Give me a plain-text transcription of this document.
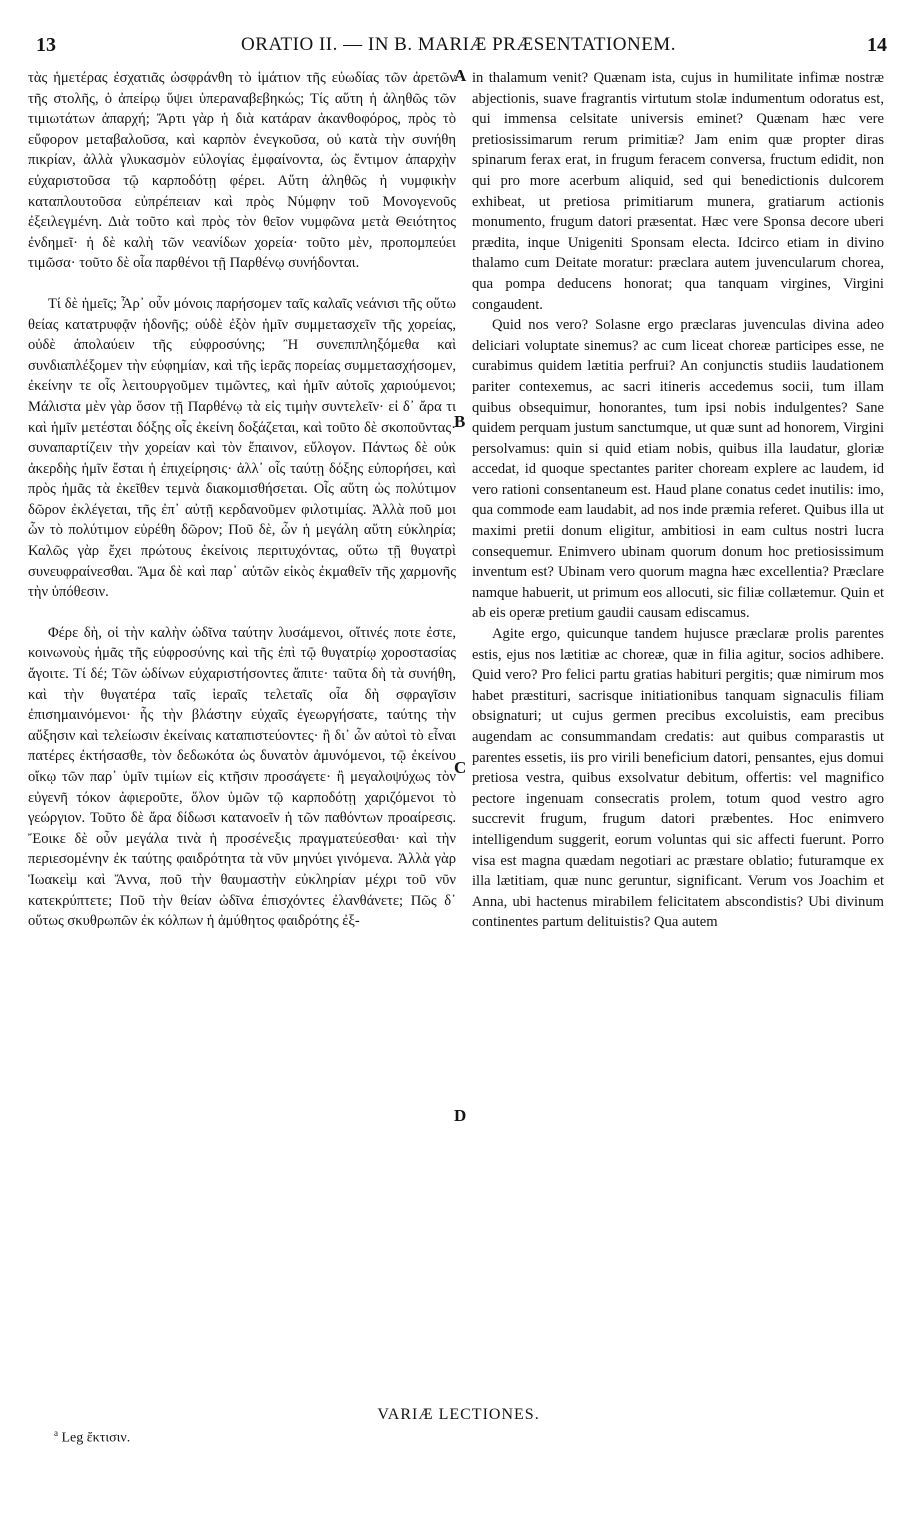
13	ORATIO II. — IN B. MARIÆ PRÆSENTATIONEM.	14

τὰς ἡμετέρας ἐσχατιᾶς ὠσφράνθη τὸ ἱμάτιον τῆς εὐωδίας τῶν ἀρετῶν τῆς στολῆς, ὁ ἀπείρῳ ὕψει ὑπεραναβεβηκώς; Τίς αὕτη ἡ ἀληθῶς τῶν τιμιωτάτων ἀπαρχή; Ἄρτι γὰρ ἡ διὰ κατάραν ἀκανθοφόρος, πρὸς τὸ εὔφορον μεταβαλοῦσα, καὶ καρπὸν ἐνεγκοῦσα, οὐ κατὰ τὴν συνήθη πικρίαν, ἀλλὰ γλυκασμὸν εὐλογίας ἐμφαίνοντα, ὡς ἔντιμον ἀπαρχὴν εὐχαριστοῦσα τῷ καρποδότῃ φέρει. Αὕτη ἀληθῶς ἡ νυμφικὴν καταπλουτοῦσα εὐπρέπειαν καὶ πρὸς Νύμφην τοῦ Μονογενοῦς ἐξειλεγμένη. Διὰ τοῦτο καὶ πρὸς τὸν θεῖον νυμφῶνα μετὰ Θειότητος ἐνδημεῖ· ἡ δὲ καλὴ τῶν νεανίδων χορεία· τοῦτο μὲν, προπομπεύει τιμῶσα· τοῦτο δὲ οἷα παρθένοι τῇ Παρθένῳ συνήδονται.

Τί δὲ ἡμεῖς; Ἆρ᾽ οὖν μόνοις παρήσομεν ταῖς καλαῖς νεάνισι τῆς οὕτω θείας κατατρυφᾷν ἡδονῆς; οὐδὲ ἐξὸν ἡμῖν συμμετασχεῖν τῆς χορείας, οὐδὲ ἀπολαύειν τῆς εὐφροσύνης; Ἢ συνεπιπληξόμεθα καὶ συνδιαπλέξομεν τὴν εὐφημίαν, καὶ τῆς ἱερᾶς πορείας συμμετασχήσομεν, ἐκείνην τε οἷς λειτουργοῦμεν τιμῶντες, καὶ ἡμῖν αὐτοῖς χαριούμενοι; Μάλιστα μὲν γὰρ ὅσον τῇ Παρθένῳ τὰ εἰς τιμὴν συντελεῖν· εἰ δ᾽ ἄρα τι καὶ ἡμῖν μετέσται δόξης οἷς ἐκείνη δοξάζεται, καὶ τοῦτο δὲ σκοποῦντας· συναπαρτίζειν τὴν χορείαν καὶ τὸν ἔπαινον, εὔλογον. Πάντως δὲ οὐκ ἀκερδὴς ἡμῖν ἔσται ἡ ἐπιχείρησις· ἀλλ᾽ οἷς ταύτῃ δόξης εὐπορήσει, καὶ πρὸς ἡμᾶς τὰ ἐκεῖθεν τεμνὰ διακομισθήσεται. Οἷς αὕτη ὡς πολύτιμον δῶρον ἐκλέγεται, τῆς ἐπ᾽ αὐτῇ κερδανοῦμεν φιλοτιμίας. Ἀλλὰ ποῦ μοι ὧν τὸ πολύτιμον εὑρέθη δῶρον; Ποῦ δὲ, ὧν ἡ μεγάλη αὕτη εὐκληρία; Καλῶς γὰρ ἔχει πρώτους ἐκείνοις περιτυχόντας, οὕτω τῇ θυγατρὶ συνευφραίνεσθαι. Ἅμα δὲ καὶ παρ᾽ αὐτῶν εἰκὸς ἐκμαθεῖν τῆς χαρμονῆς τὴν ὑπόθεσιν.

Φέρε δὴ, οἱ τὴν καλὴν ὠδῖνα ταύτην λυσάμενοι, οἵτινές ποτε ἐστε, κοινωνοὺς ἡμᾶς τῆς εὐφροσύνης καὶ τῆς ἐπὶ τῷ θυγατρίῳ χοροστασίας ἄγοιτε. Τί δέ; Τῶν ὠδίνων εὐχαριστήσοντες ἄπιτε· ταῦτα δὴ τὰ συνήθη, καὶ τὴν θυγατέρα ταῖς ἱεραῖς τελεταῖς οἷα δὴ σφραγῖσιν ἐπισημαινόμενοι· ἧς τὴν βλάστην εὐχαῖς ἐγεωργήσατε, ταύτης τὴν αὔξησιν καὶ τελείωσιν ἐκείναις καταπιστεύοντες· ἢ δι᾽ ὧν αὐτοὶ τὸ εἶναι πατέρες ἐκτήσασθε, τὸν δεδωκότα ὡς δυνατὸν ἀμυνόμενοι, τῷ ἐκείνου οἴκῳ τῶν παρ᾽ ὑμῖν τιμίων εἰς κτῆσιν προσάγετε· ἢ μεγαλοψύχως τὸν εὐγενῆ τόκον ἀφιεροῦτε, ὅλον ὑμῶν τῷ καρποδότῃ χαριζόμενοι τὸ γεώργιον. Τοῦτο δὲ ἄρα δίδωσι κατανοεῖν ἡ τῶν παθόντων προαίρεσις. Ἔοικε δὲ οὖν μεγάλα τινὰ ἡ προσένεξις πραγματεύεσθαι· καὶ τὴν περιεσομένην ἐκ ταύτης φαιδρότητα τὰ νῦν μηνύει γινόμενα. Ἀλλὰ γὰρ Ἰωακεὶμ καὶ Ἄννα, ποῦ τὴν θαυμαστὴν εὐκληρίαν μέχρι τοῦ νῦν κατεκρύπτετε; Ποῦ τὴν θείαν ὠδῖνα ἐπισχόντες ἐλανθάνετε; Πῶς δ᾽ οὕτως σκυθρωπῶν ἐκ κόλπων ἡ ἀμύθητος φαιδρότης ἐξ-

in thalamum venit? Quænam ista, cujus in humilitate infimæ nostræ abjectionis, suave fragrantis virtutum stolæ indumentum odoratus est, qui immensa celsitate universis eminet? Quænam hæc vere pretiosissimarum rerum primitiæ? Jam enim quæ propter diras spinarum ferax erat, in frugum feracem conversa, fructum edidit, non qui pro more acerbum aliquid, sed qui benedictionis dulcorem exhibeat, ut pretiosa primitiarum munera, gratiarum actionis monumento, frugum datori præsentat. Hæc vere Sponsa decore uberi prædita, inque Unigeniti Sponsam electa. Idcirco etiam in divino thalamo cum Deitate moratur: præclara autem juvencularum chorea, qua pompa deducens honorat; qua tanquam virgines, Virgini congaudent.

Quid nos vero? Solasne ergo præclaras juvenculas divina adeo deliciari voluptate sinemus? ac cum liceat choreæ participes esse, ne curabimus quidem lætitia perfrui? An conjunctis studiis laudationem pariter contexemus, ac sacri itineris accedemus socii, tum illam quibus obsequimur, honorantes, tum ipsi nobis indulgentes? Sane quidem perquam justum sanctumque, ut quæ sunt ad honorem, Virgini persolvamus: quin si quid etiam nobis, quibus illa laudatur, gloriæ accedat, id quoque spectantes pariter choream explere ac laudem, id vero rationi consentaneum est. Haud plane conatus cedet inutilis: imo, qua commode eam laudabit, ad nos inde præmia referet. Quibus illa ut maximi pretii donum eligitur, ambitiosi in eam cultus nostri lucra consequemur. Enimvero ubinam quorum donum hoc pretiosissimum inventum est? Ubinam vero quorum magna hæc excellentia? Præclare namque habuerit, ut primum eos allocuti, sic filiæ collætemur. Quin et ab eis operæ pretium gaudii causam ediscamus.

Agite ergo, quicunque tandem hujusce præclaræ prolis parentes estis, ejus nos lætitiæ ac choreæ, quæ in filia agitur, socios adhibere. Quid vero? Pro felici partu gratias habituri pergitis; quæ nimirum mos habet præstituri, sacrisque initiationibus tanquam signaculis filiam obsignaturi; ut cujus germen precibus excoluistis, eam precibus augendam ac consummandam credatis: aut quibus comparastis ut parentes essetis, iis pro virili beneficium datori, pensantes, ejus domui pretiosa vestra, quibus exsolvatur debitum, offertis: vel magnifico pectore ingenuam consecratis prolem, totum quod vestro agro succrevit frugum, frugum datori præbentes. Hoc enimvero intelligendum suggerit, eorum voluntas qui sic affecti fuerunt. Porro visa est magna quædam negotiari ac præstare oblatio; futuramque ex illa lætitiam, quæ nunc geruntur, significant. Verum vos Joachim et Anna, ubi hactenus mirabilem felicitatem abscondistis? Ubi divinum continentes partum delituistis? Qua autem

A
B
C
D
VARIÆ LECTIONES.
$^a$ Leg ἔκτισιν.
